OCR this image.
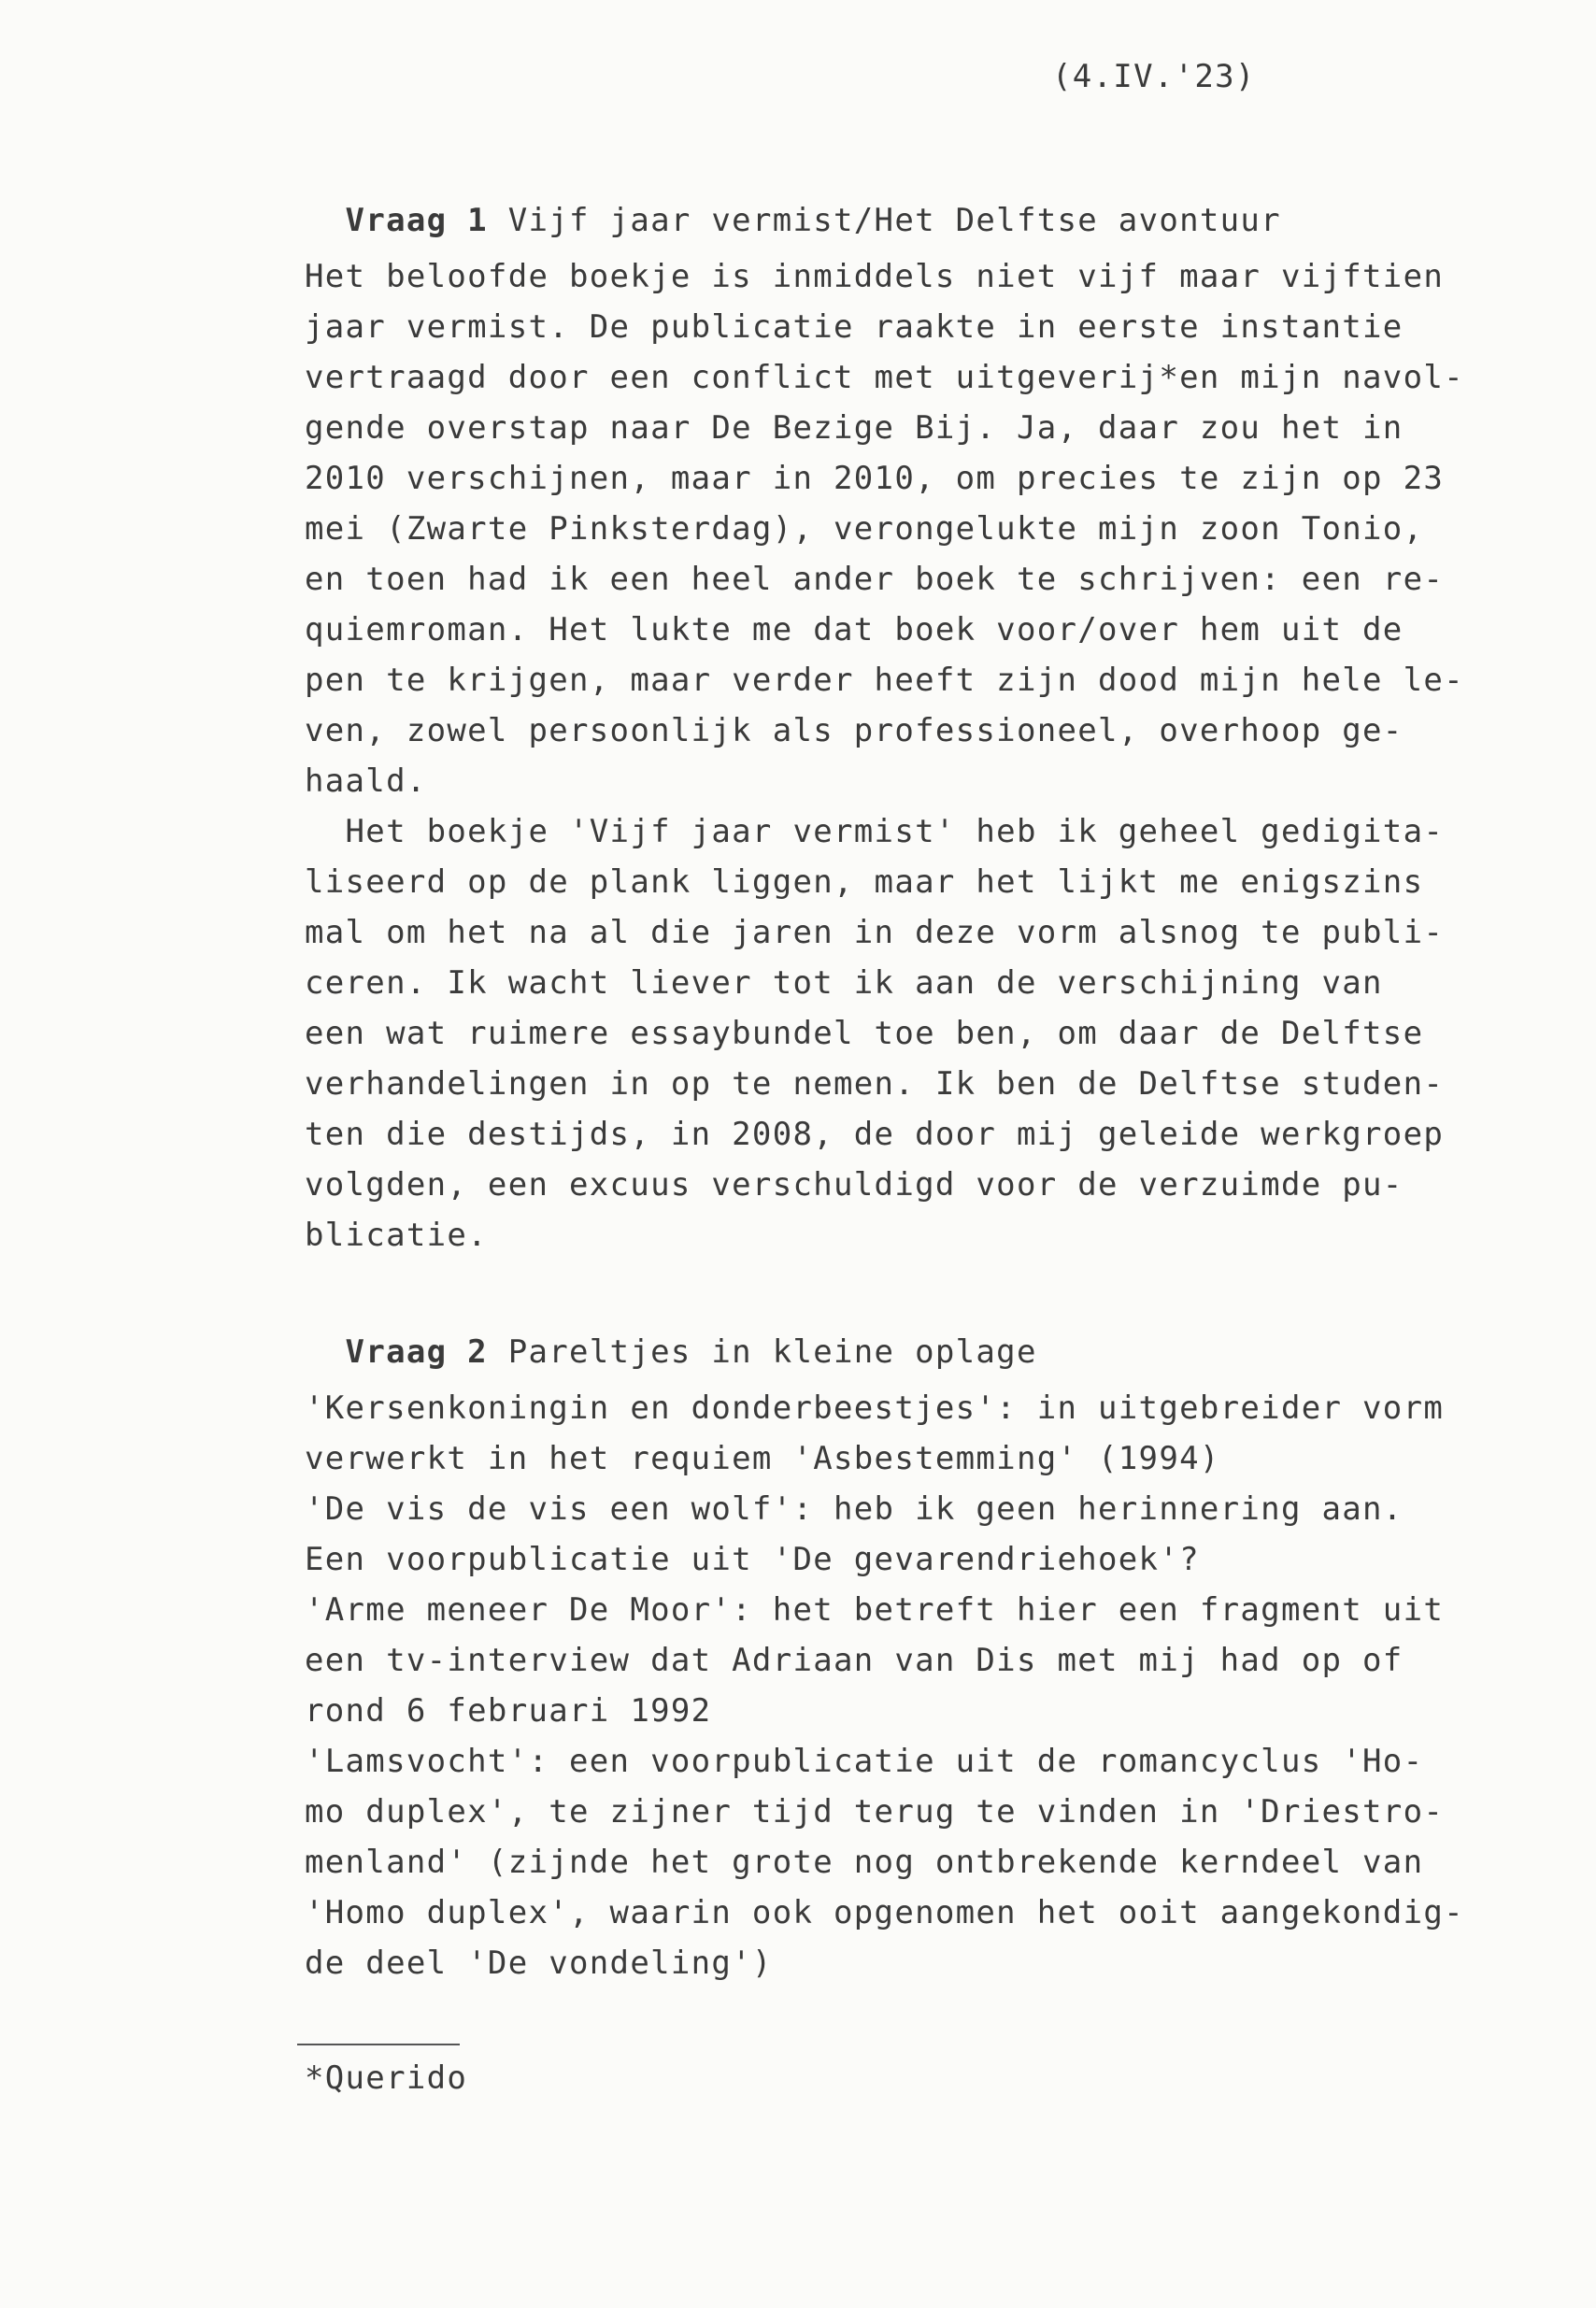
(4.IV.'23)

Vraag 1 Vijf jaar vermist/Het Delftse avontuur

Het beloofde boekje is inmiddels niet vijf maar vijftien
jaar vermist. De publicatie raakte in eerste instantie
vertraagd door een conflict met uitgeverij*en mijn navol-
gende overstap naar De Bezige Bij. Ja, daar zou het in
2010 verschijnen, maar in 2010, om precies te zijn op 23
mei (Zwarte Pinksterdag), verongelukte mijn zoon Tonio,
en toen had ik een heel ander boek te schrijven: een re-
quiemroman. Het lukte me dat boek voor/over hem uit de
pen te krijgen, maar verder heeft zijn dood mijn hele le-
ven, zowel persoonlijk als professioneel, overhoop ge-
haald.
Het boekje 'Vijf jaar vermist' heb ik geheel gedigita-
liseerd op de plank liggen, maar het lijkt me enigszins
mal om het na al die jaren in deze vorm alsnog te publi-
ceren. Ik wacht liever tot ik aan de verschijning van
een wat ruimere essaybundel toe ben, om daar de Delftse
verhandelingen in op te nemen. Ik ben de Delftse studen-
ten die destijds, in 2008, de door mij geleide werkgroep
volgden, een excuus verschuldigd voor de verzuimde pu-
blicatie.

Vraag 2 Pareltjes in kleine oplage

'Kersenkoningin en donderbeestjes': in uitgebreider vorm
verwerkt in het requiem 'Asbestemming' (1994)
'De vis de vis een wolf': heb ik geen herinnering aan.
Een voorpublicatie uit 'De gevarendriehoek'?
'Arme meneer De Moor': het betreft hier een fragment uit
een tv-interview dat Adriaan van Dis met mij had op of
rond 6 februari 1992
'Lamsvocht': een voorpublicatie uit de romancyclus 'Ho-
mo duplex', te zijner tijd terug te vinden in 'Driestro-
menland' (zijnde het grote nog ontbrekende kerndeel van
'Homo duplex', waarin ook opgenomen het ooit aangekondig-
de deel 'De vondeling')
*Querido
